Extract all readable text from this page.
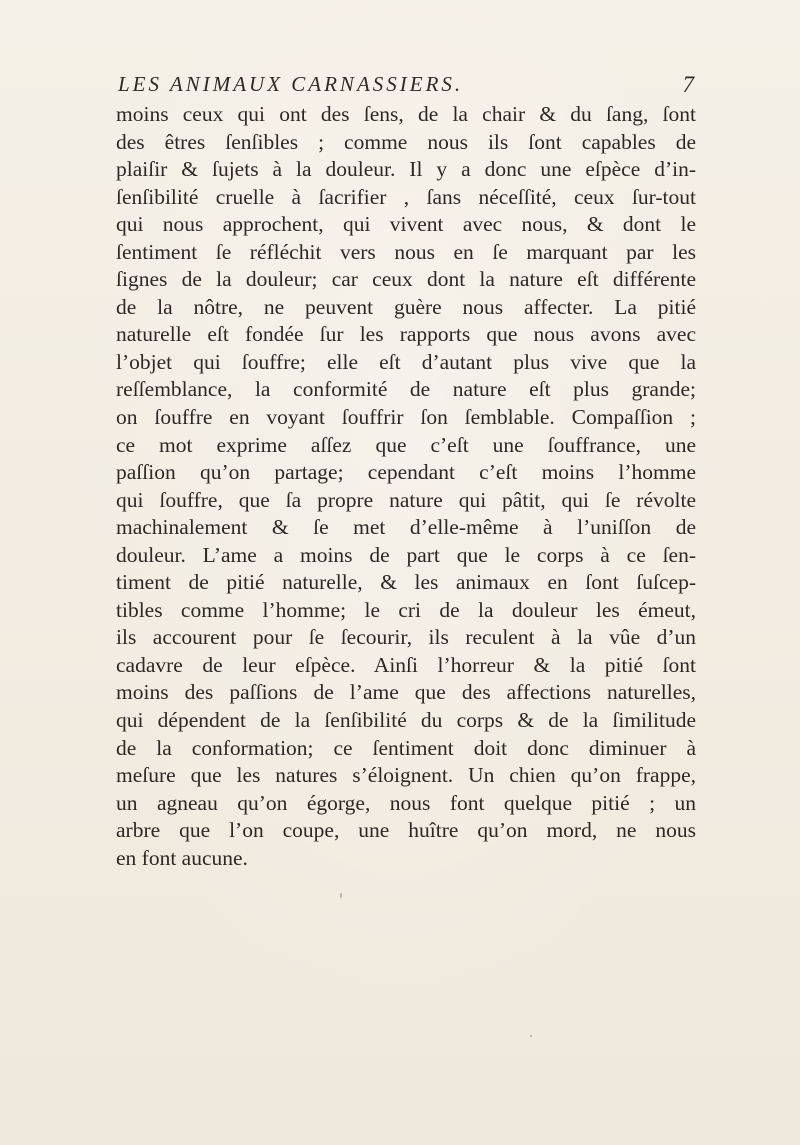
LES ANIMAUX CARNASSIERS.	7
moins ceux qui ont des ſens, de la chair & du ſang, ſont
des êtres ſenſibles ; comme nous ils ſont capables de
plaiſir & ſujets à la douleur. Il y a donc une eſpèce d’in-
ſenſibilité cruelle à ſacrifier , ſans néceſſité, ceux ſur-tout
qui nous approchent, qui vivent avec nous, & dont le
ſentiment ſe réfléchit vers nous en ſe marquant par les
ſignes de la douleur; car ceux dont la nature eſt différente
de la nôtre, ne peuvent guère nous affecter. La pitié
naturelle eſt fondée ſur les rapports que nous avons avec
l’objet qui ſouffre; elle eſt d’autant plus vive que la
reſſemblance, la conformité de nature eſt plus grande;
on ſouffre en voyant ſouffrir ſon ſemblable. Compaſſion ;
ce mot exprime aſſez que c’eſt une ſouffrance, une
paſſion qu’on partage; cependant c’eſt moins l’homme
qui ſouffre, que ſa propre nature qui pâtit, qui ſe révolte
machinalement & ſe met d’elle-même à l’uniſſon de
douleur. L’ame a moins de part que le corps à ce ſen-
timent de pitié naturelle, & les animaux en ſont ſuſcep-
tibles comme l’homme; le cri de la douleur les émeut,
ils accourent pour ſe ſecourir, ils reculent à la vûe d’un
cadavre de leur eſpèce. Ainſi l’horreur & la pitié ſont
moins des paſſions de l’ame que des affections naturelles,
qui dépendent de la ſenſibilité du corps & de la ſimilitude
de la conformation; ce ſentiment doit donc diminuer à
meſure que les natures s’éloignent. Un chien qu’on frappe,
un agneau qu’on égorge, nous font quelque pitié ; un
arbre que l’on coupe, une huître qu’on mord, ne nous
en font aucune.
